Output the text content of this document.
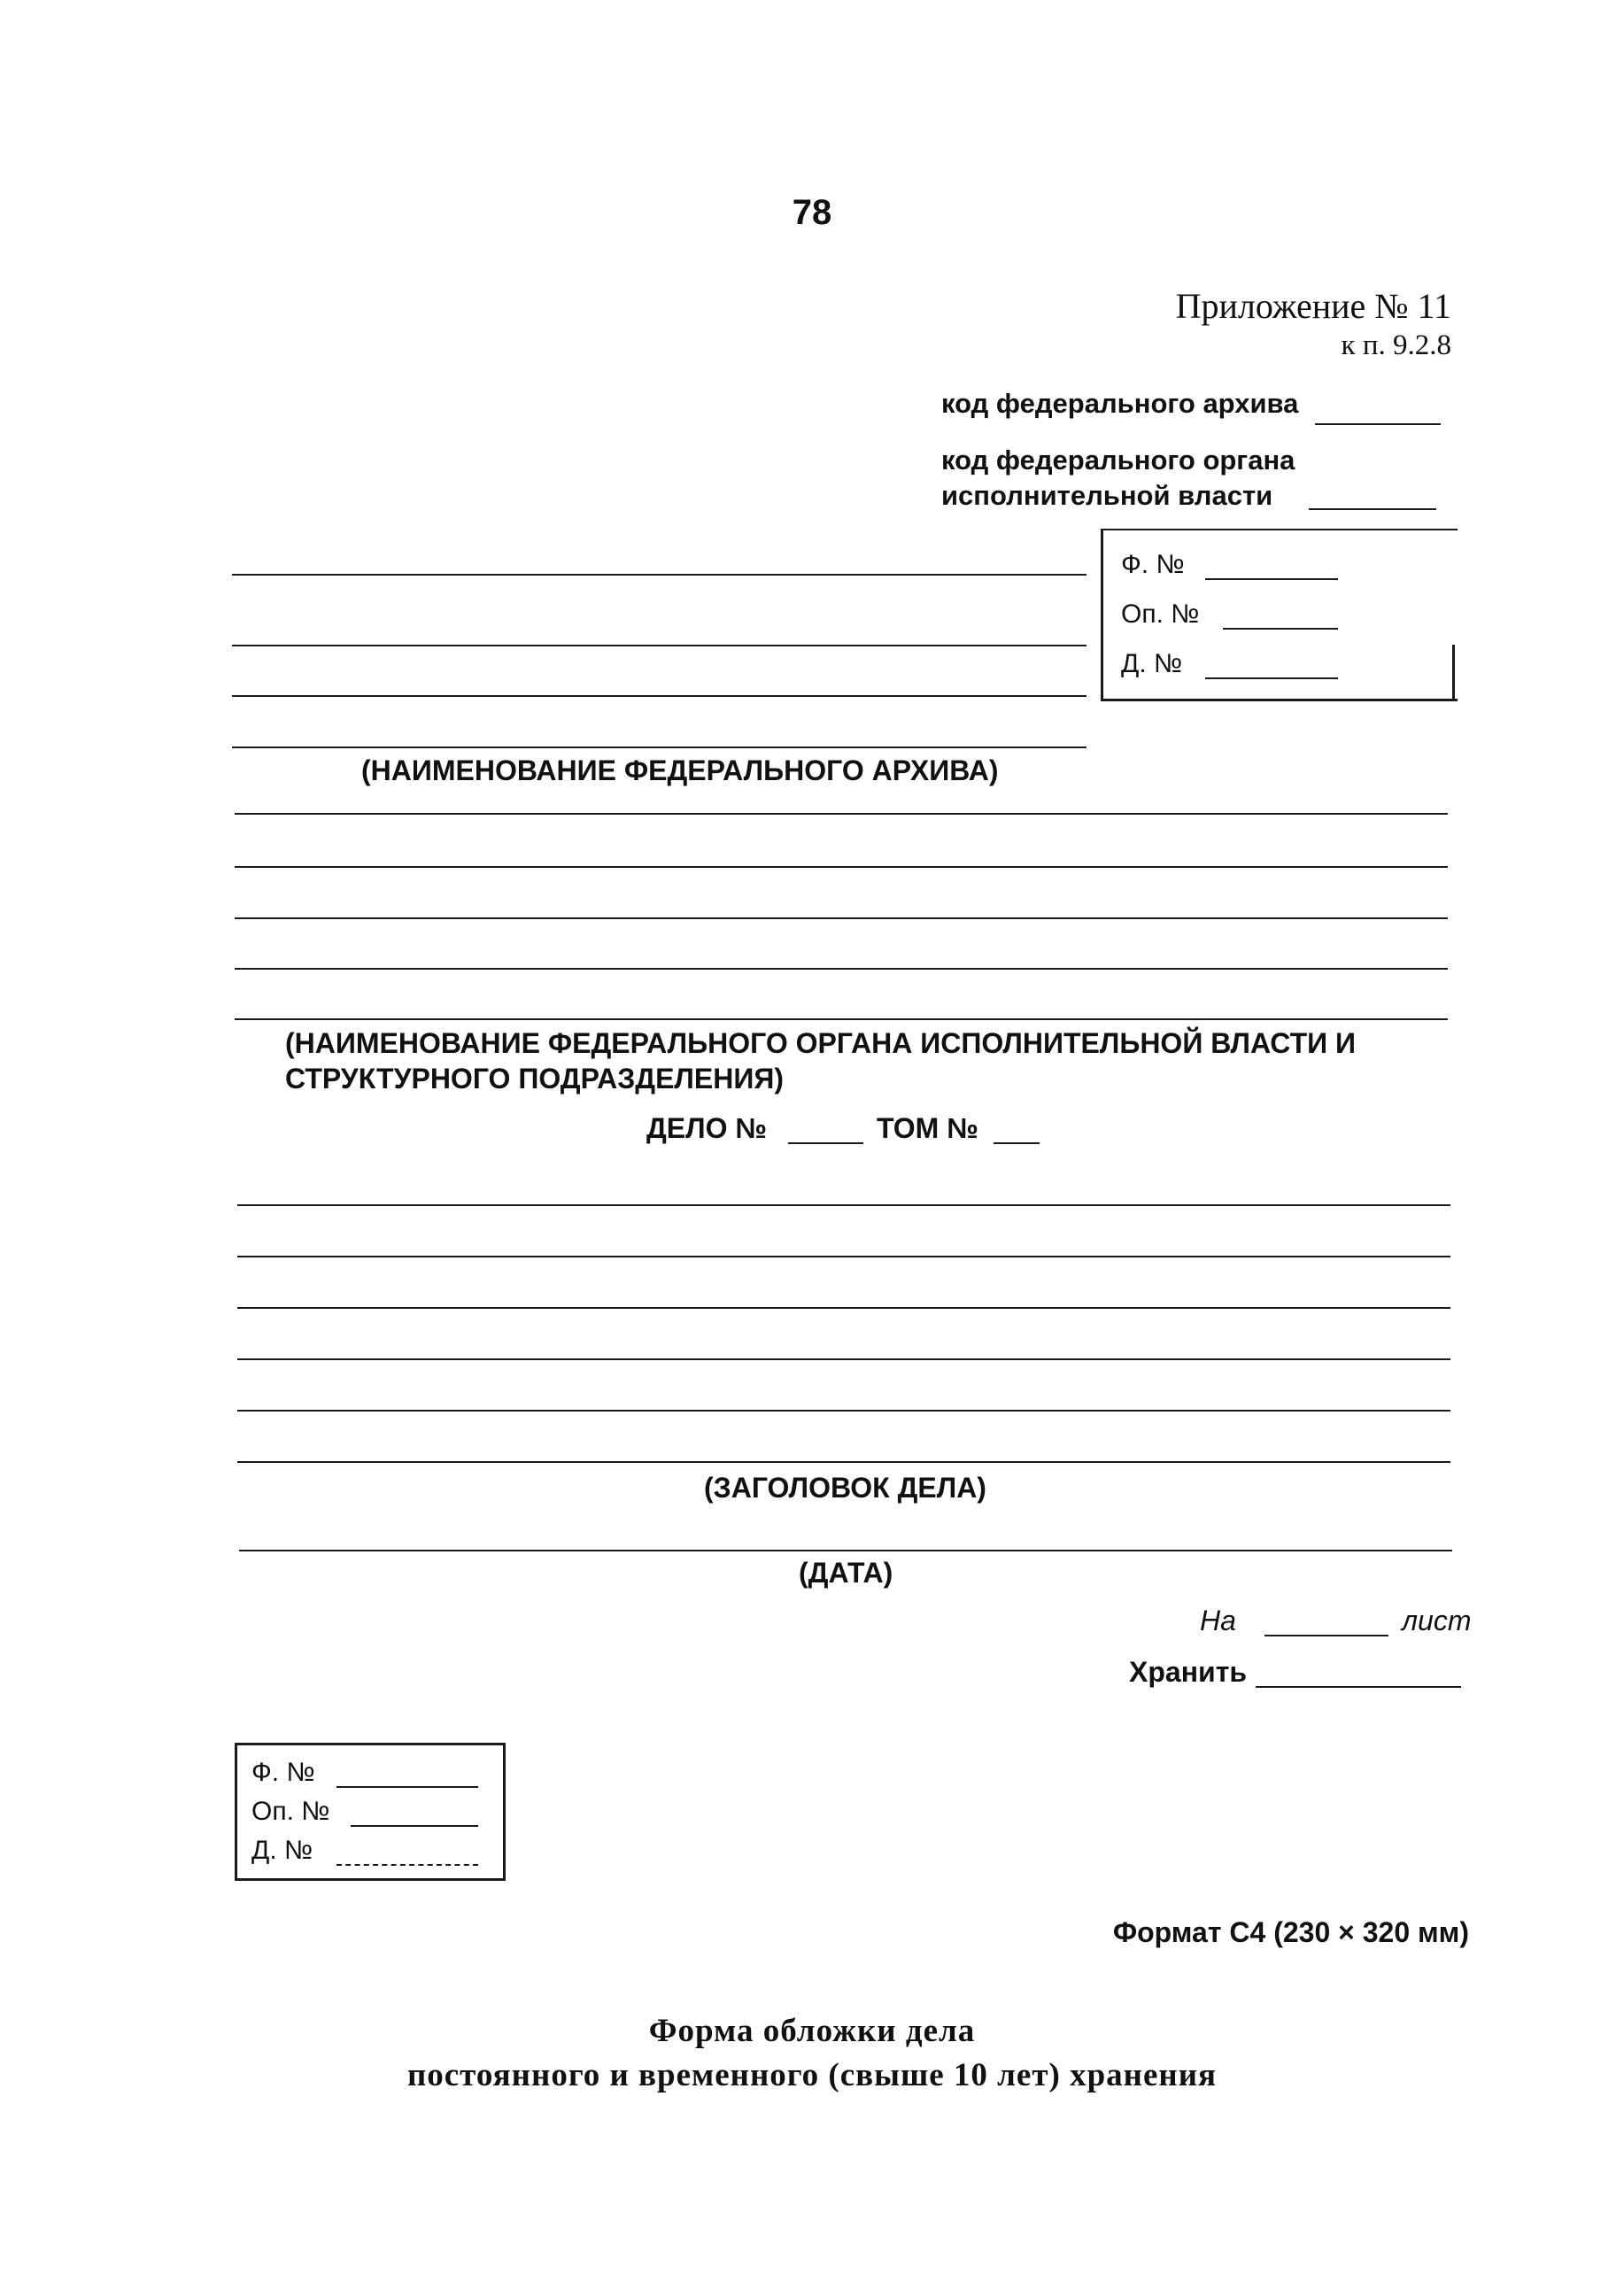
78
Приложение № 11
к п. 9.2.8
код федерального архива
код федерального органа
исполнительной власти
Ф. №
Оп. №
Д. №
(НАИМЕНОВАНИЕ ФЕДЕРАЛЬНОГО АРХИВА)
(НАИМЕНОВАНИЕ ФЕДЕРАЛЬНОГО ОРГАНА ИСПОЛНИТЕЛЬНОЙ ВЛАСТИ И
СТРУКТУРНОГО ПОДРАЗДЕЛЕНИЯ)
ДЕЛО №	ТОМ №
(ЗАГОЛОВОК ДЕЛА)
(ДАТА)
На	лист
Хранить
Ф. №
Оп. №
Д. №
Формат С4 (230 × 320 мм)
Форма обложки дела
постоянного и временного (свыше 10 лет) хранения
